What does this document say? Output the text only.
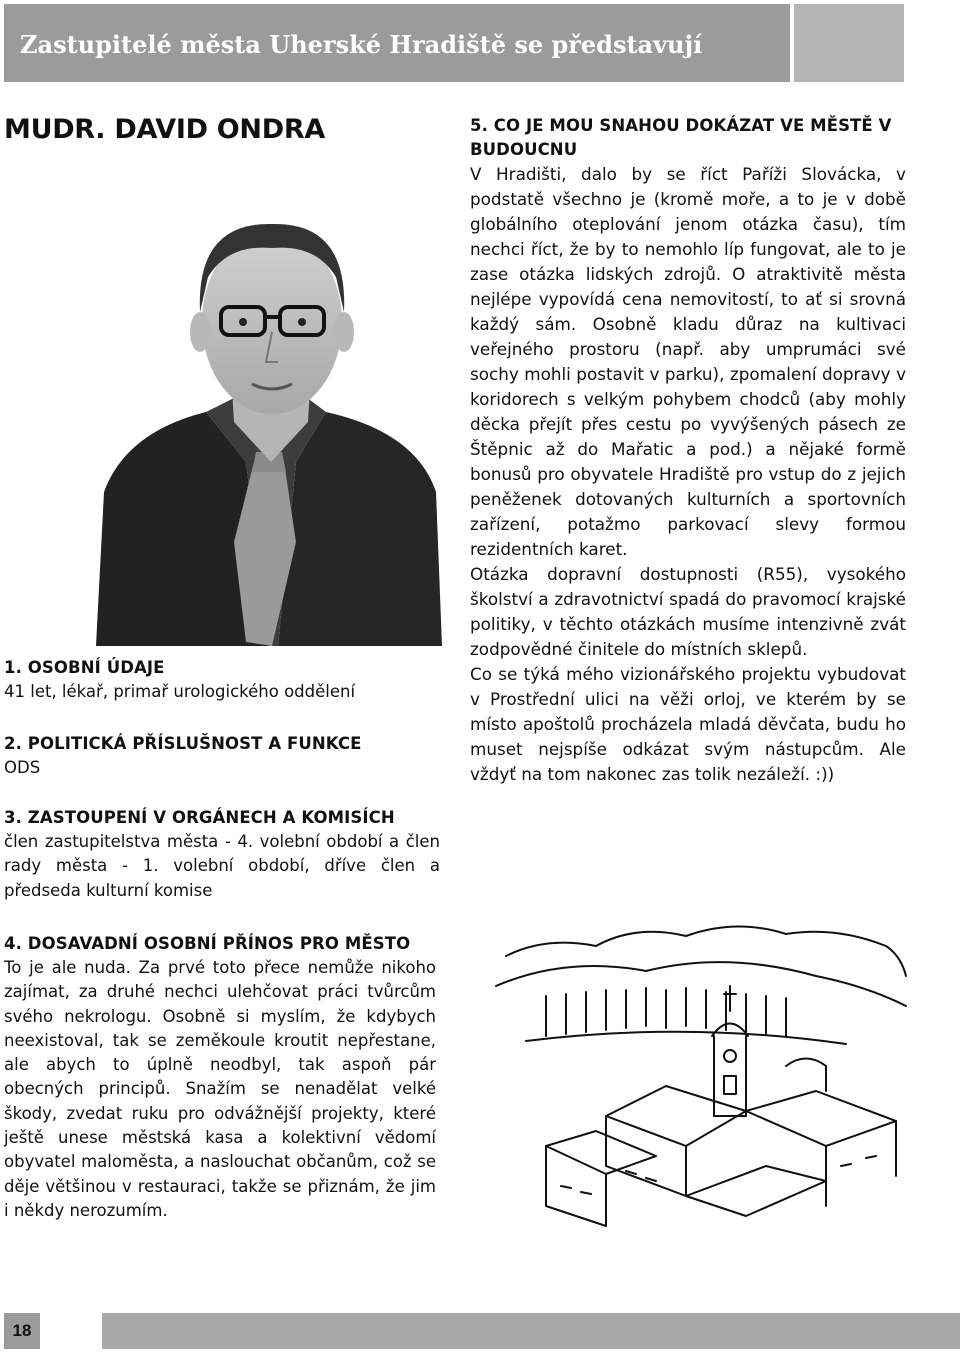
Zastupitelé města Uherské Hradiště se představují
MUDR. DAVID ONDRA
1. OSOBNÍ ÚDAJE
41 let, lékař, primař urologického oddělení
2. POLITICKÁ PŘÍSLUŠNOST A FUNKCE
ODS
3. ZASTOUPENÍ V ORGÁNECH A KOMISÍCH
člen zastupitelstva města - 4. volební období a člen rady města - 1. volební období, dříve člen a předseda kulturní komise
4. DOSAVADNÍ OSOBNÍ PŘÍNOS PRO MĚSTO
To je ale nuda. Za prvé toto přece nemůže nikoho zajímat, za druhé nechci ulehčovat práci tvůrcům svého nekrologu. Osobně si myslím, že kdybych neexistoval, tak se zeměkoule kroutit nepřestane, ale abych to úplně neodbyl, tak aspoň pár obecných principů. Snažím se nenadělat velké škody, zvedat ruku pro odvážnější projekty, které ještě unese městská kasa a kolektivní vědomí obyvatel maloměsta, a naslouchat občanům, což se děje většinou v restauraci, takže se přiznám, že jim i někdy nerozumím.
5. CO JE MOU SNAHOU DOKÁZAT VE MĚSTĚ V BUDOUCNU
V Hradišti, dalo by se říct Paříži Slovácka, v podstatě všechno je (kromě moře, a to je v době globálního oteplování jenom otázka času), tím nechci říct, že by to nemohlo líp fungovat, ale to je zase otázka lidských zdrojů. O atraktivitě města nejlépe vypovídá cena nemovitostí, to ať si srovná každý sám. Osobně kladu důraz na kultivaci veřejného prostoru (např. aby umprumáci své sochy mohli postavit v parku), zpomalení dopravy v koridorech s velkým pohybem chodců (aby mohly děcka přejít přes cestu po vyvýšených pásech ze Štěpnic až do Mařatic a pod.) a nějaké formě bonusů pro obyvatele Hradiště pro vstup do z jejich peněženek dotovaných kulturních a sportovních zařízení, potažmo parkovací slevy formou rezidentních karet.
Otázka dopravní dostupnosti (R55), vysokého školství a zdravotnictví spadá do pravomocí krajské politiky, v těchto otázkách musíme intenzivně zvát zodpovědné činitele do místních sklepů.
Co se týká mého vizionářského projektu vybudovat v Prostřední ulici na věži orloj, ve kterém by se místo apoštolů procházela mladá děvčata, budu ho muset nejspíše odkázat svým nástupcům. Ale vždyť na tom nakonec zas tolik nezáleží. :))
18
